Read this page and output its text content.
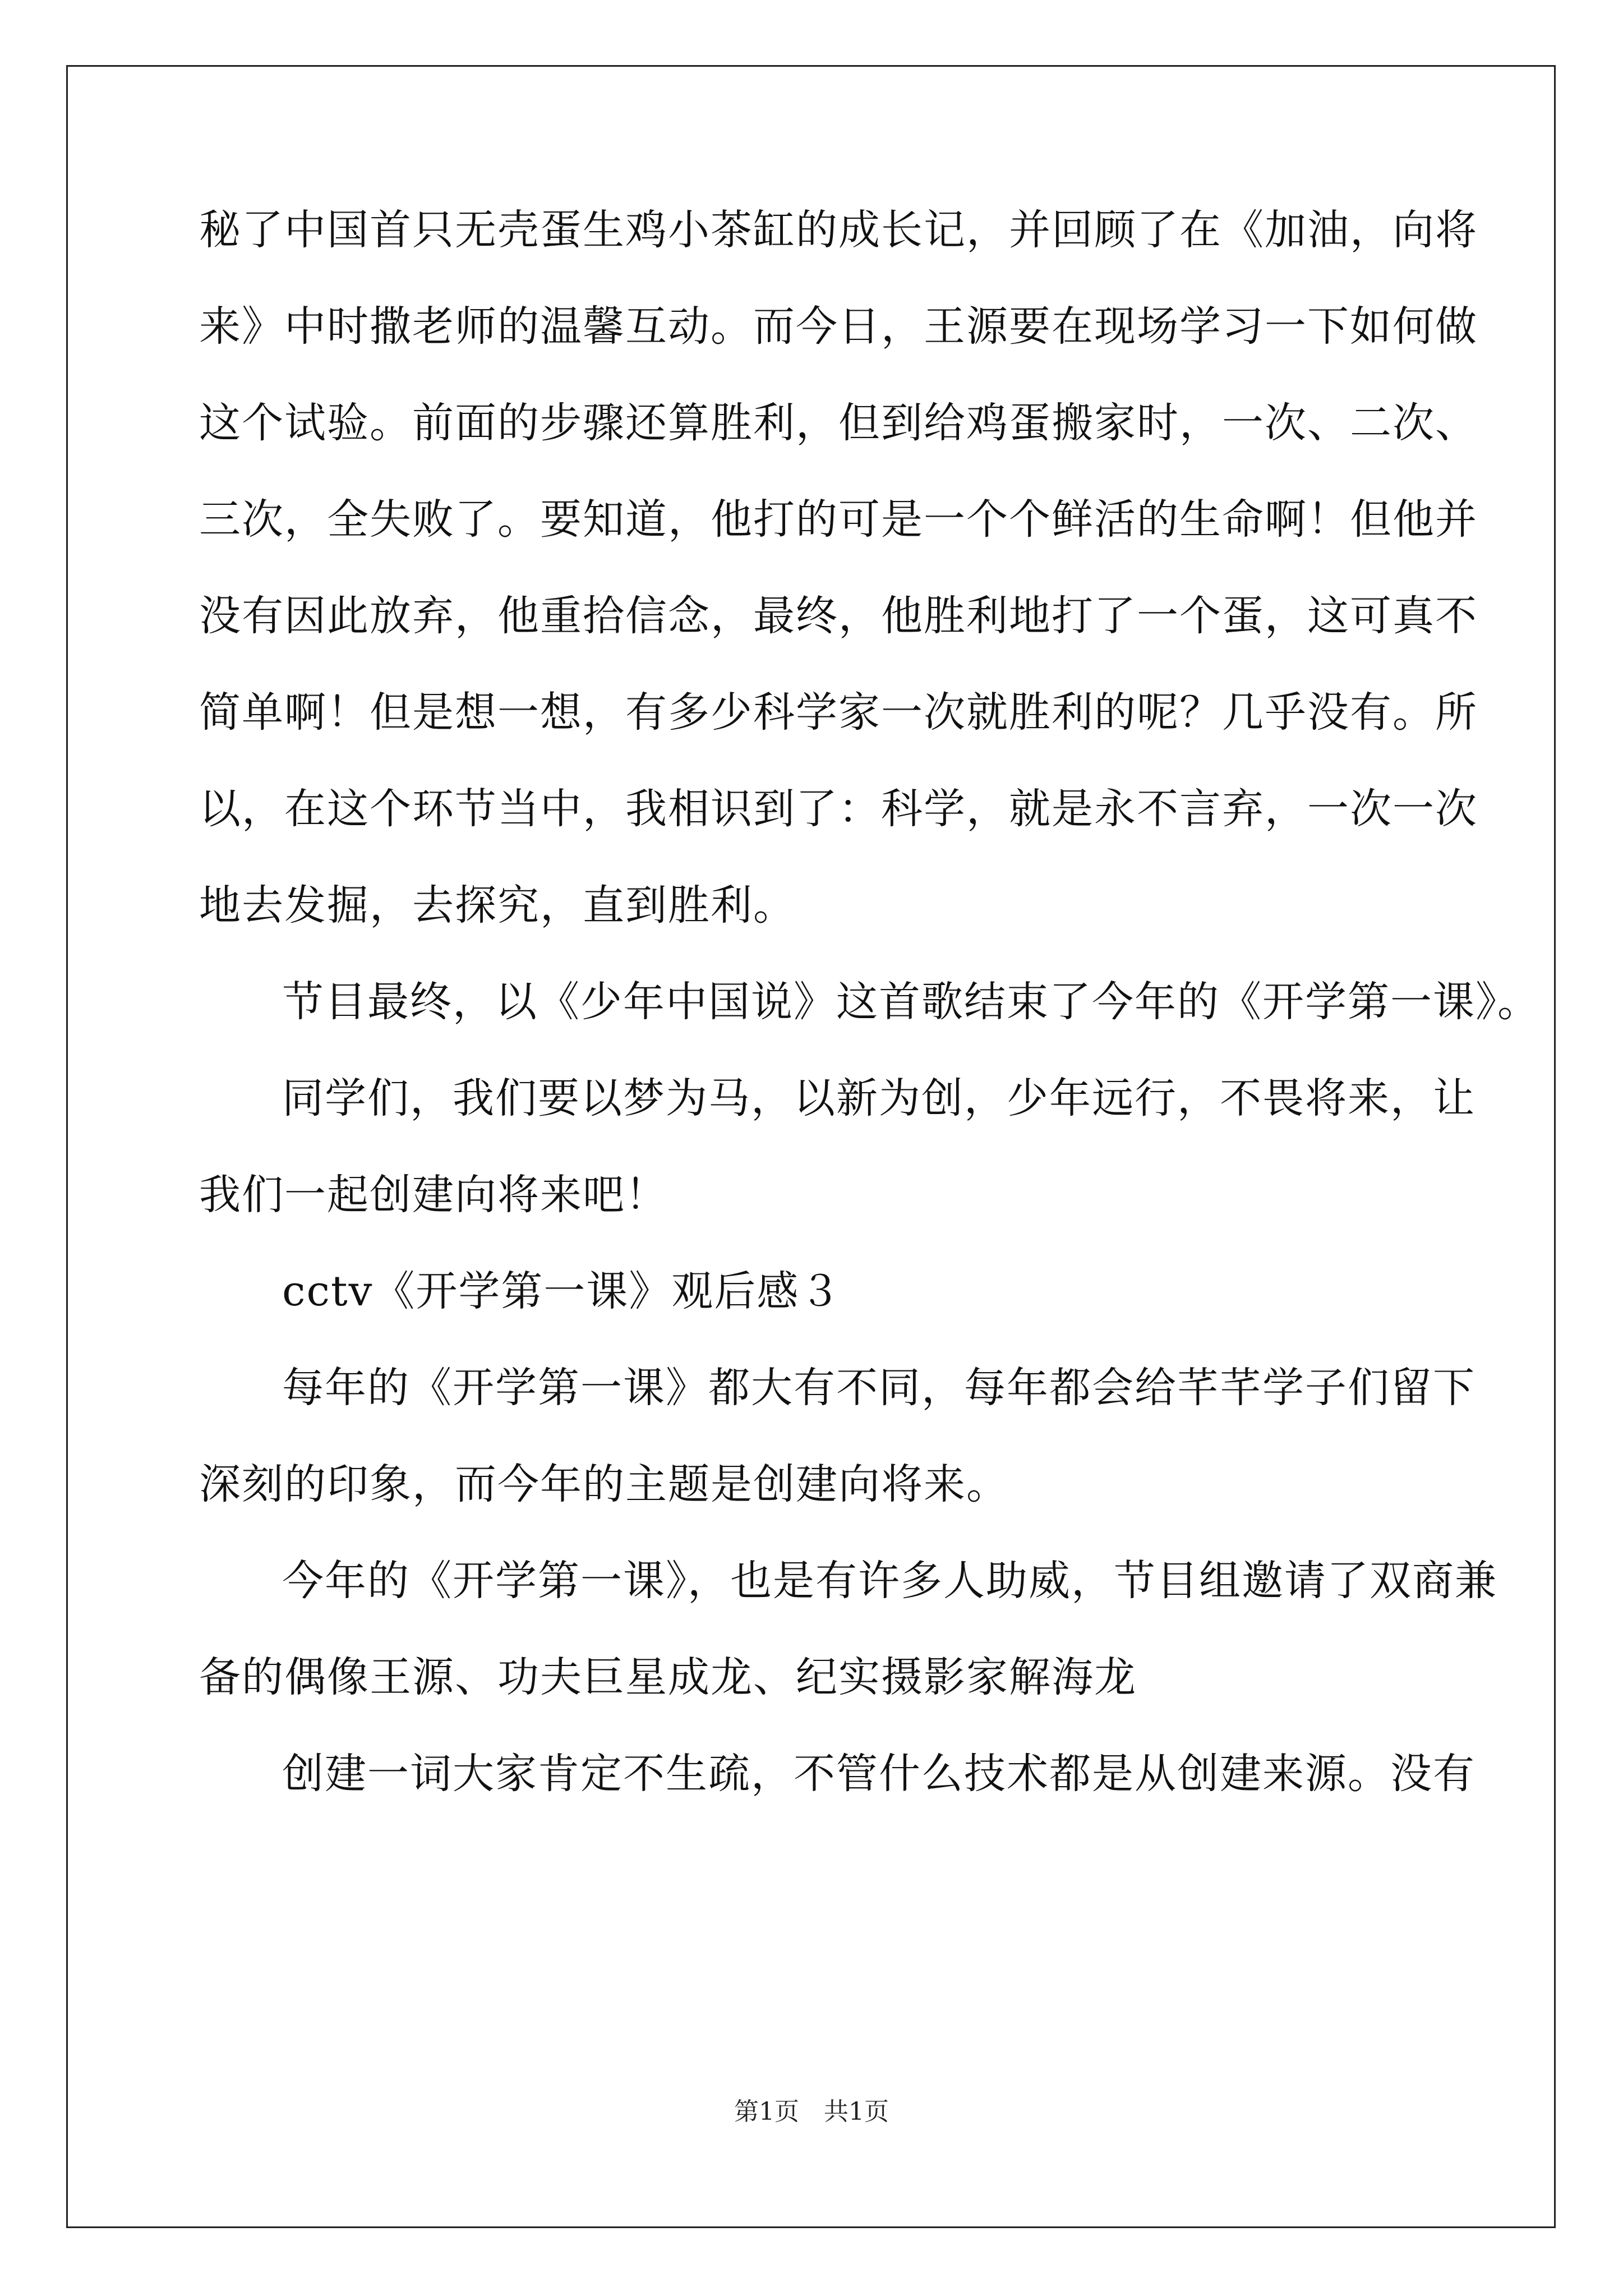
秘了中国首只无壳蛋生鸡小茶缸的成长记，并回顾了在《加油，向将
来》中时撒老师的温馨互动。而今日，王源要在现场学习一下如何做
这个试验。前面的步骤还算胜利，但到给鸡蛋搬家时，一次、二次、
三次，全失败了。要知道，他打的可是一个个鲜活的生命啊！但他并
没有因此放弃，他重拾信念，最终，他胜利地打了一个蛋，这可真不
简单啊！但是想一想，有多少科学家一次就胜利的呢？几乎没有。所
以，在这个环节当中，我相识到了：科学，就是永不言弃，一次一次
地去发掘，去探究，直到胜利。
节目最终，以《少年中国说》这首歌结束了今年的《开学第一课》。
同学们，我们要以梦为马，以新为创，少年远行，不畏将来，让
我们一起创建向将来吧！
cctv《开学第一课》观后感３
每年的《开学第一课》都大有不同，每年都会给芊芊学子们留下
深刻的印象，而今年的主题是创建向将来。
今年的《开学第一课》，也是有许多人助威，节目组邀请了双商兼
备的偶像王源、功夫巨星成龙、纪实摄影家解海龙
创建一词大家肯定不生疏，不管什么技术都是从创建来源。没有
第1页　共1页
